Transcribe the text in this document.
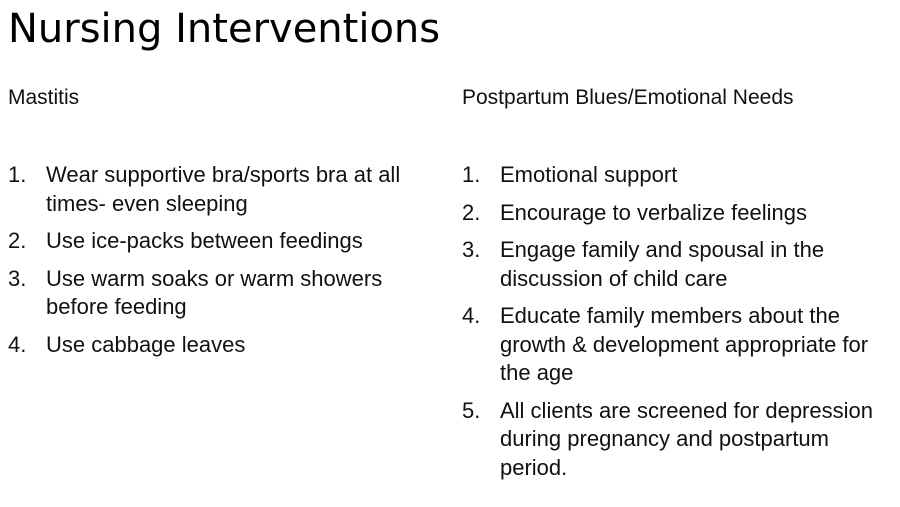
Nursing Interventions
Mastitis
1. Wear supportive bra/sports bra at all times- even sleeping
2. Use ice-packs between feedings
3. Use warm soaks or warm showers before feeding
4. Use cabbage leaves
Postpartum Blues/Emotional Needs
1. Emotional support
2. Encourage to verbalize feelings
3. Engage family and spousal in the discussion of child care
4. Educate family members about the growth & development appropriate for the age
5. All clients are screened for depression during pregnancy and postpartum period.
